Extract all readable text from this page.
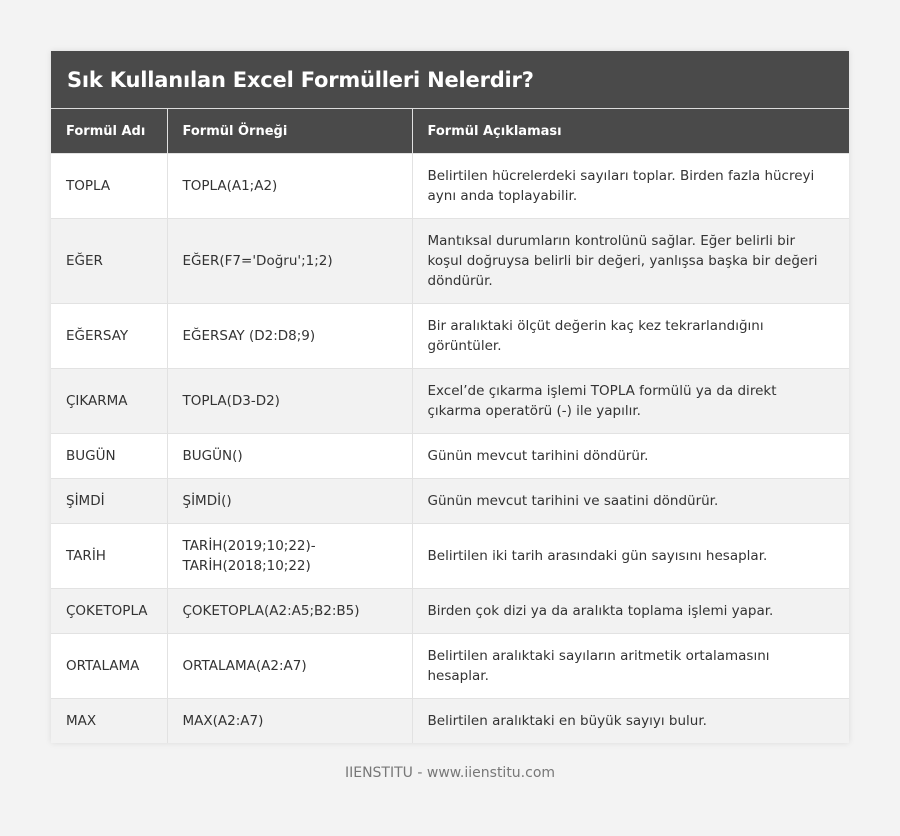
Sık Kullanılan Excel Formülleri Nelerdir?
Formül Adı	Formül Örneği	Formül Açıklaması
TOPLA	TOPLA(A1;A2)	Belirtilen hücrelerdeki sayıları toplar. Birden fazla hücreyi aynı anda toplayabilir.
EĞER	EĞER(F7='Doğru';1;2)	Mantıksal durumların kontrolünü sağlar. Eğer belirli bir koşul doğruysa belirli bir değeri, yanlışsa başka bir değeri döndürür.
EĞERSAY	EĞERSAY (D2:D8;9)	Bir aralıktaki ölçüt değerin kaç kez tekrarlandığını görüntüler.
ÇIKARMA	TOPLA(D3-D2)	Excel’de çıkarma işlemi TOPLA formülü ya da direkt çıkarma operatörü (-) ile yapılır.
BUGÜN	BUGÜN()	Günün mevcut tarihini döndürür.
ŞİMDİ	ŞİMDİ()	Günün mevcut tarihini ve saatini döndürür.
TARİH	TARİH(2019;10;22)-TARİH(2018;10;22)	Belirtilen iki tarih arasındaki gün sayısını hesaplar.
ÇOKETOPLA	ÇOKETOPLA(A2:A5;B2:B5)	Birden çok dizi ya da aralıkta toplama işlemi yapar.
ORTALAMA	ORTALAMA(A2:A7)	Belirtilen aralıktaki sayıların aritmetik ortalamasını hesaplar.
MAX	MAX(A2:A7)	Belirtilen aralıktaki en büyük sayıyı bulur.
IIENSTITU - www.iienstitu.com
